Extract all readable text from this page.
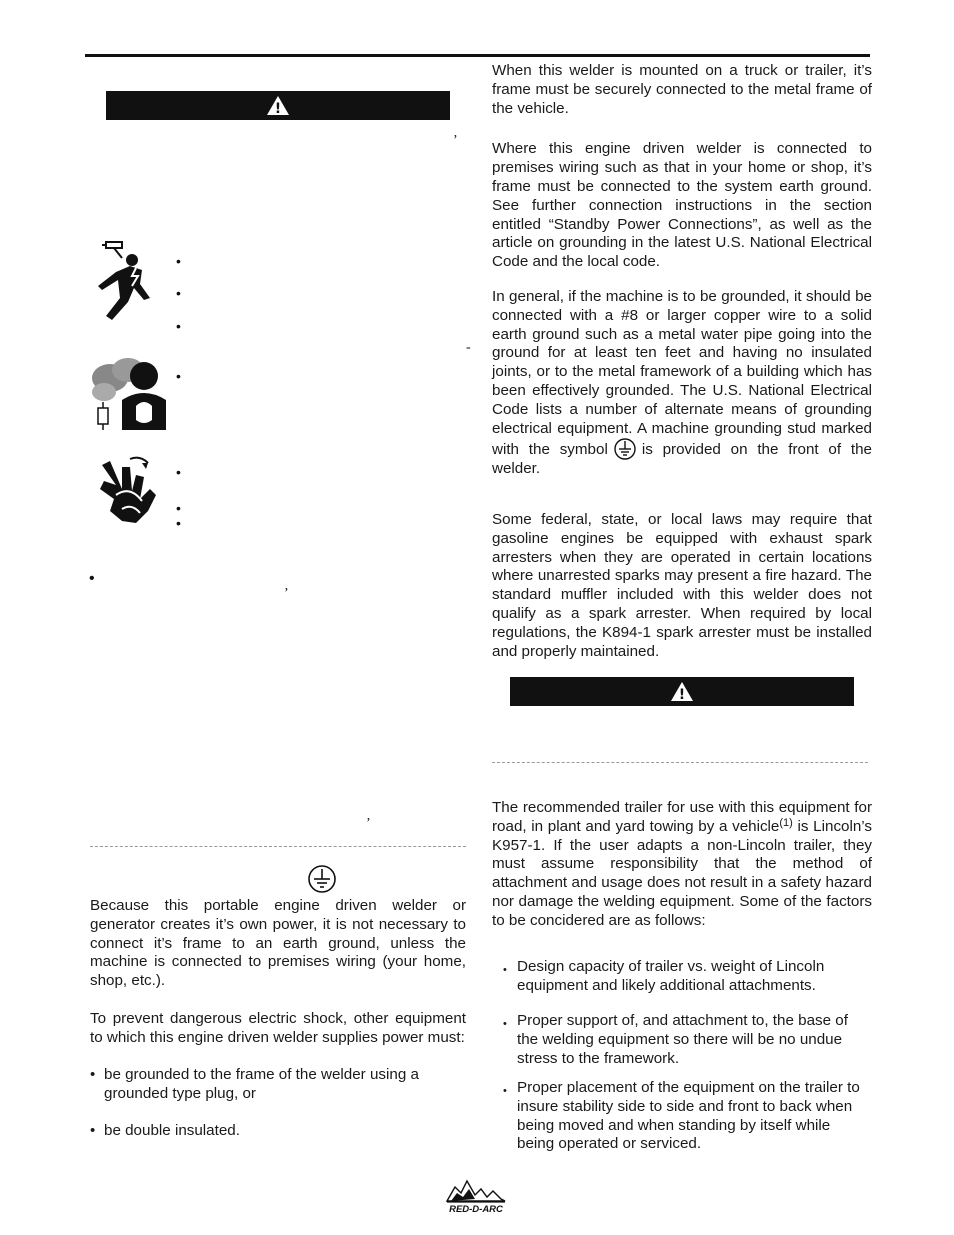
!
’
•
•
•
-
•
•
•
•
•
’
’

Because this portable engine driven welder or generator creates it’s own power, it is not necessary to connect it’s frame to an earth ground, unless the machine is connected to premises wiring (your home, shop, etc.).

To prevent dangerous electric shock, other equipment to which this engine driven welder supplies power must:

• be grounded to the frame of the welder using a grounded type plug, or
• be double insulated.

When this welder is mounted on a truck or trailer, it’s frame must be securely connected to the metal frame of the vehicle.

Where this engine driven welder is connected to premises wiring such as that in your home or shop, it’s frame must be connected to the system earth ground. See further connection instructions in the section entitled “Standby Power Connections”, as well as the article on grounding in the latest U.S. National Electrical Code and the local code.

In general, if the machine is to be grounded, it should be connected with a #8 or larger copper wire to a solid earth ground such as a metal water pipe going into the ground for at least ten feet and having no insulated joints, or to the metal framework of a building which has been effectively grounded. The U.S. National Electrical Code lists a number of alternate means of grounding electrical equipment. A machine grounding stud marked with the symbol is provided on the front of the welder.

Some federal, state, or local laws may require that gasoline engines be equipped with exhaust spark arresters when they are operated in certain locations where unarrested sparks may present a fire hazard. The standard muffler included with this welder does not qualify as a spark arrester. When required by local regulations, the K894-1 spark arrester must be installed and properly maintained.

!

The recommended trailer for use with this equipment for road, in plant and yard towing by a vehicle$^{(1)}$ is Lincoln’s K957-1. If the user adapts a non-Lincoln trailer, they must assume responsibility that the method of attachment and usage does not result in a safety hazard nor damage the welding equipment. Some of the factors to be concidered are as follows:

• Design capacity of trailer vs. weight of Lincoln equipment and likely additional attachments.
• Proper support of, and attachment to, the base of the welding equipment so there will be no undue stress to the framework.
• Proper placement of the equipment on the trailer to insure stability side to side and front to back when being moved and when standing by itself while being operated or serviced.
RED-D-ARC
